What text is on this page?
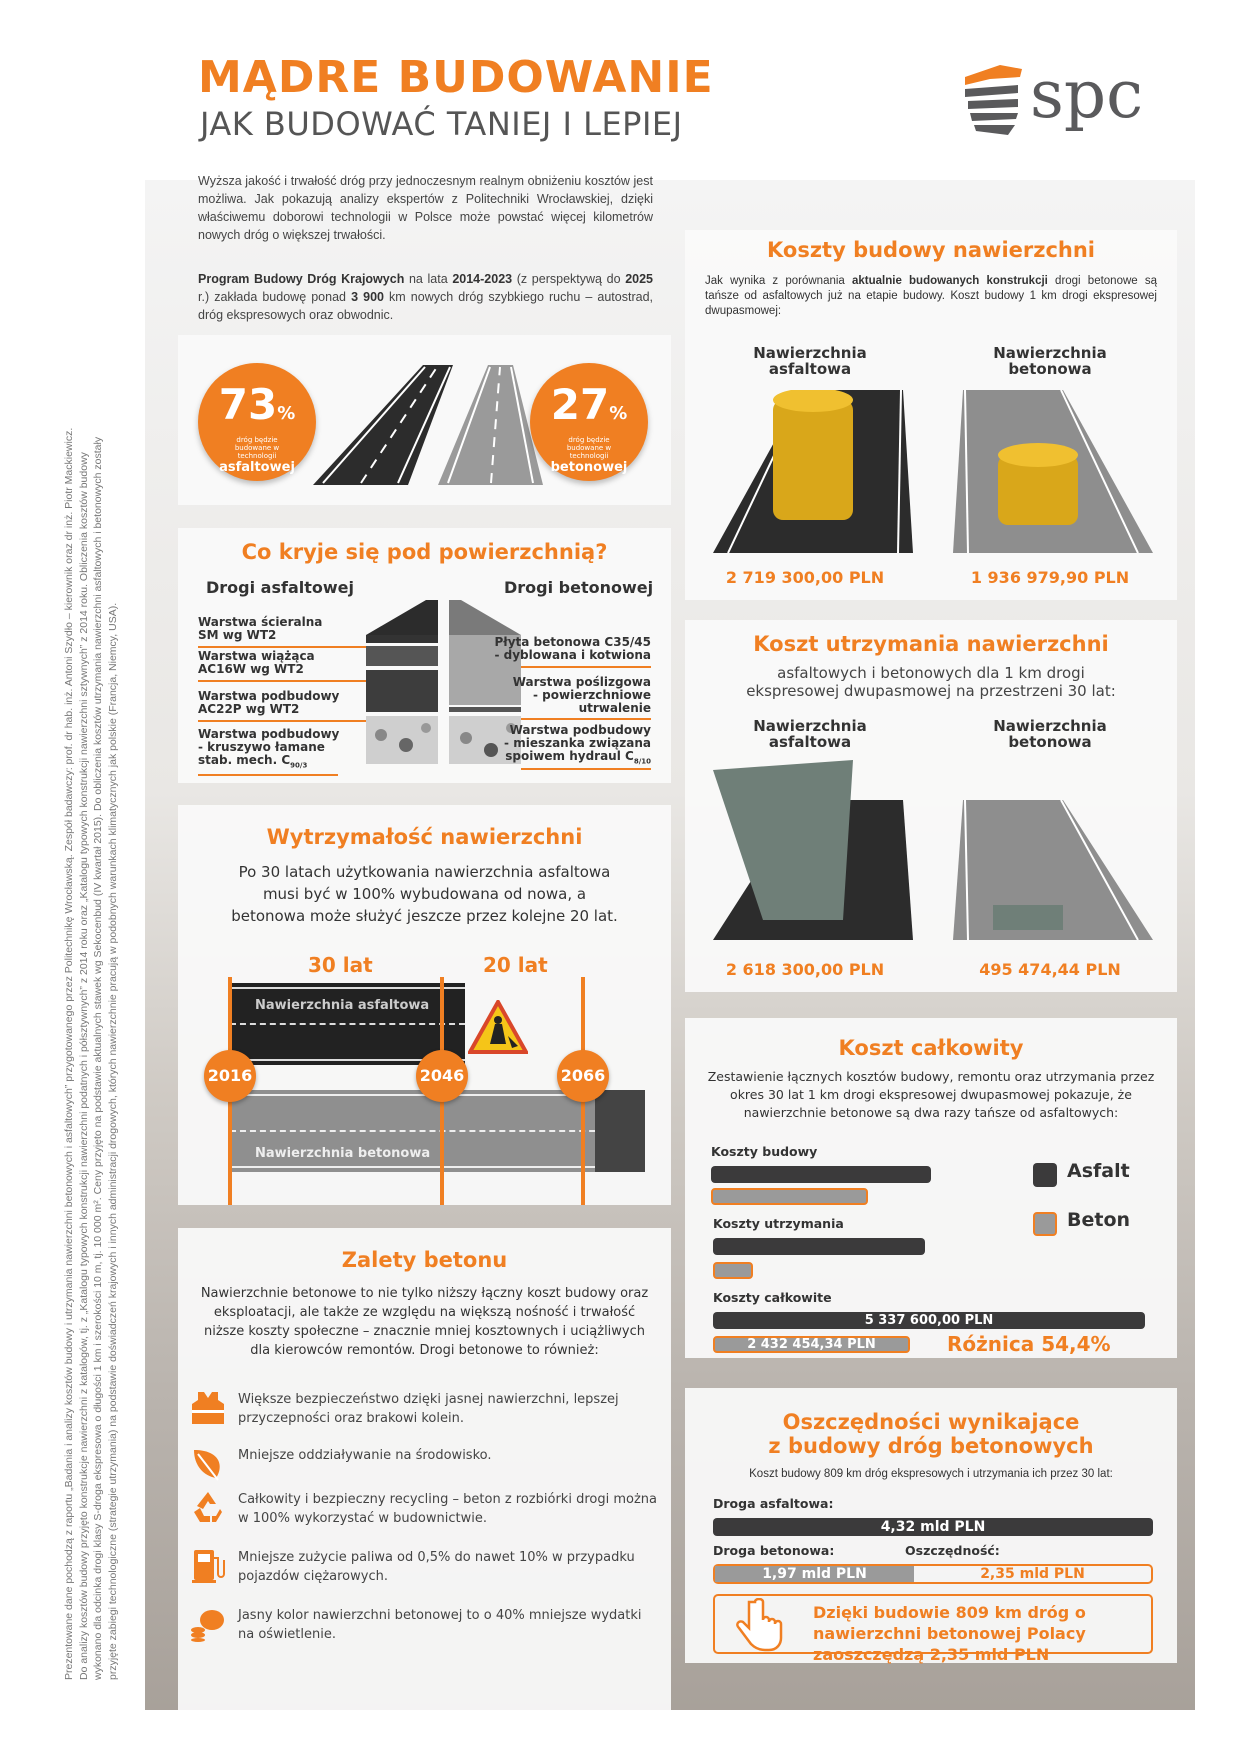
MĄDRE BUDOWANIE
JAK BUDOWAĆ TANIEJ I LEPIEJ	spc
Prezentowane dane pochodzą z raportu „Badania i analizy kosztów budowy i utrzymania nawierzchni betonowych i asfaltowych” przygotowanego przez Politechnikę Wrocławską. Zespół badawczy: prof. dr hab. inż. Antoni Szydło – kierownik oraz dr inż. Piotr Mackiewicz. Do analizy kosztów budowy przyjęto konstrukcje nawierzchni z katalogów, tj. z „Katalogu typowych konstrukcji nawierzchni podatnych i półsztywnych” z 2014 roku oraz „Katalogu typowych konstrukcji nawierzchni sztywnych” z 2014 roku. Obliczenia kosztów budowy wykonano dla odcinka drogi klasy S-droga ekspresowa o długości 1 km i szerokości 10 m, tj. 10 000 m². Ceny przyjęto na podstawie aktualnych stawek wg Sekocenbud (IV kwartał 2015). Do obliczenia kosztów utrzymania nawierzchni asfaltowych i betonowych zostały przyjęte zabiegi technologiczne (strategie utrzymania) na podstawie doświadczeń krajowych i innych administracji drogowych, których nawierzchnie pracują w podobnych warunkach klimatycznych jak polskie (Francja, Niemcy, USA).

Wyższa jakość i trwałość dróg przy jednoczesnym realnym obniżeniu kosztów jest możliwa. Jak pokazują analizy ekspertów z Politechniki Wrocławskiej, dzięki właściwemu doborowi technologii w Polsce może powstać więcej kilometrów nowych dróg o większej trwałości.

Program Budowy Dróg Krajowych na lata 2014-2023 (z perspektywą do 2025 r.) zakłada budowę ponad 3 900 km nowych dróg szybkiego ruchu – autostrad, dróg ekspresowych oraz obwodnic.

73%
dróg będzie budowane w technologii
asfaltowej
27%
dróg będzie budowane w technologii
betonowej
Co kryje się pod powierzchnią?
Drogi asfaltowej	Drogi betonowej
Warstwa ścieralna
SM wg WT2
Warstwa wiążąca
AC16W wg WT2
Warstwa podbudowy
AC22P wg WT2
Warstwa podbudowy
- kruszywo łamane
stab. mech. $C_{90/3}$
Płyta betonowa C35/45
- dyblowana i kotwiona
Warstwa poślizgowa
- powierzchniowe
utrwalenie
Warstwa podbudowy
- mieszanka związana
spoiwem hydraul $C_{8/10}$
Wytrzymałość nawierzchni
Po 30 latach użytkowania nawierzchnia asfaltowa musi być w 100% wybudowana od nowa, a betonowa może służyć jeszcze przez kolejne 20 lat.
30 lat	20 lat
Nawierzchnia asfaltowa
Nawierzchnia betonowa
2016	2046	2066
Zalety betonu
Nawierzchnie betonowe to nie tylko niższy łączny koszt budowy oraz eksploatacji, ale także ze względu na większą nośność i trwałość niższe koszty społeczne – znacznie mniej kosztownych i uciążliwych dla kierowców remontów. Drogi betonowe to również:
Większe bezpieczeństwo dzięki jasnej nawierzchni, lepszej przyczepności oraz brakowi kolein.
Mniejsze oddziaływanie na środowisko.
Całkowity i bezpieczny recycling – beton z rozbiórki drogi można w 100% wykorzystać w budownictwie.
Mniejsze zużycie paliwa od 0,5% do nawet 10% w przypadku pojazdów ciężarowych.
Jasny kolor nawierzchni betonowej to o 40% mniejsze wydatki na oświetlenie.
Koszty budowy nawierzchni
Jak wynika z porównania aktualnie budowanych konstrukcji drogi betonowe są tańsze od asfaltowych już na etapie budowy. Koszt budowy 1 km drogi ekspresowej dwupasmowej:
Nawierzchnia asfaltowa
Nawierzchnia betonowa
2 719 300,00 PLN	1 936 979,90 PLN
Koszt utrzymania nawierzchni
asfaltowych i betonowych dla 1 km drogi ekspresowej dwupasmowej na przestrzeni 30 lat:
Nawierzchnia asfaltowa
Nawierzchnia betonowa
2 618 300,00 PLN	495 474,44 PLN
Koszt całkowity
Zestawienie łącznych kosztów budowy, remontu oraz utrzymania przez okres 30 lat 1 km drogi ekspresowej dwupasmowej pokazuje, że nawierzchnie betonowe są dwa razy tańsze od asfaltowych:
Koszty budowy
Koszty utrzymania
Koszty całkowite
5 337 600,00 PLN
2 432 454,34 PLN	Różnica 54,4%
Asfalt
Beton
Oszczędności wynikające
z budowy dróg betonowych
Koszt budowy 809 km dróg ekspresowych i utrzymania ich przez 30 lat:
Droga asfaltowa:
4,32 mld PLN
Droga betonowa:	Oszczędność:
1,97 mld PLN	2,35 mld PLN
Dzięki budowie 809 km dróg o nawierzchni betonowej Polacy zaoszczędzą 2,35 mld PLN
